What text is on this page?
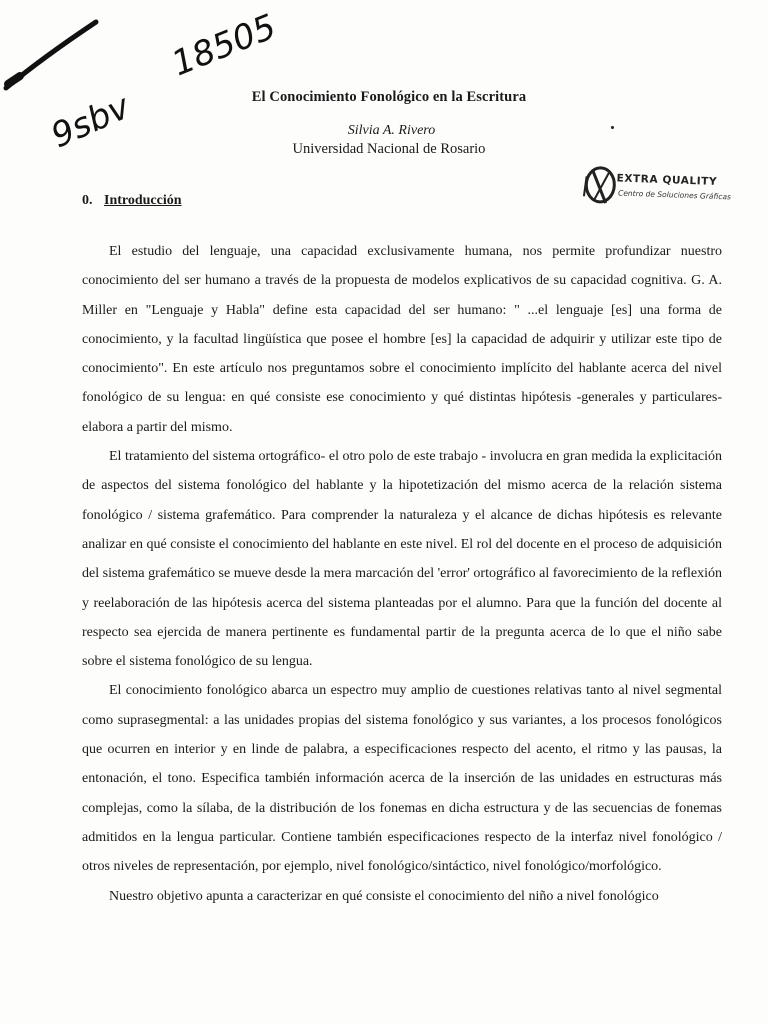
18505
9sbv	El Conocimiento Fonológico en la Escritura
Silvia A. Rivero
Universidad Nacional de Rosario
EXTRA QUALITY
Centro de Soluciones Gráficas
0. Introducción

El estudio del lenguaje, una capacidad exclusivamente humana, nos permite profundizar nuestro conocimiento del ser humano a través de la propuesta de modelos explicativos de su capacidad cognitiva. G. A. Miller en "Lenguaje y Habla" define esta capacidad del ser humano: " ...el lenguaje [es] una forma de conocimiento, y la facultad lingüística que posee el hombre [es] la capacidad de adquirir y utilizar este tipo de conocimiento". En este artículo nos preguntamos sobre el conocimiento implícito del hablante acerca del nivel fonológico de su lengua: en qué consiste ese conocimiento y qué distintas hipótesis -generales y particulares- elabora a partir del mismo.

El tratamiento del sistema ortográfico- el otro polo de este trabajo - involucra en gran medida la explicitación de aspectos del sistema fonológico del hablante y la hipotetización del mismo acerca de la relación sistema fonológico / sistema grafemático. Para comprender la naturaleza y el alcance de dichas hipótesis es relevante analizar en qué consiste el conocimiento del hablante en este nivel. El rol del docente en el proceso de adquisición del sistema grafemático se mueve desde la mera marcación del 'error' ortográfico al favorecimiento de la reflexión y reelaboración de las hipótesis acerca del sistema planteadas por el alumno. Para que la función del docente al respecto sea ejercida de manera pertinente es fundamental partir de la pregunta acerca de lo que el niño sabe sobre el sistema fonológico de su lengua.

El conocimiento fonológico abarca un espectro muy amplio de cuestiones relativas tanto al nivel segmental como suprasegmental: a las unidades propias del sistema fonológico y sus variantes, a los procesos fonológicos que ocurren en interior y en linde de palabra, a especificaciones respecto del acento, el ritmo y las pausas, la entonación, el tono. Especifica también información acerca de la inserción de las unidades en estructuras más complejas, como la sílaba, de la distribución de los fonemas en dicha estructura y de las secuencias de fonemas admitidos en la lengua particular. Contiene también especificaciones respecto de la interfaz nivel fonológico / otros niveles de representación, por ejemplo, nivel fonológico/sintáctico, nivel fonológico/morfológico.

Nuestro objetivo apunta a caracterizar en qué consiste el conocimiento del niño a nivel fonológico
